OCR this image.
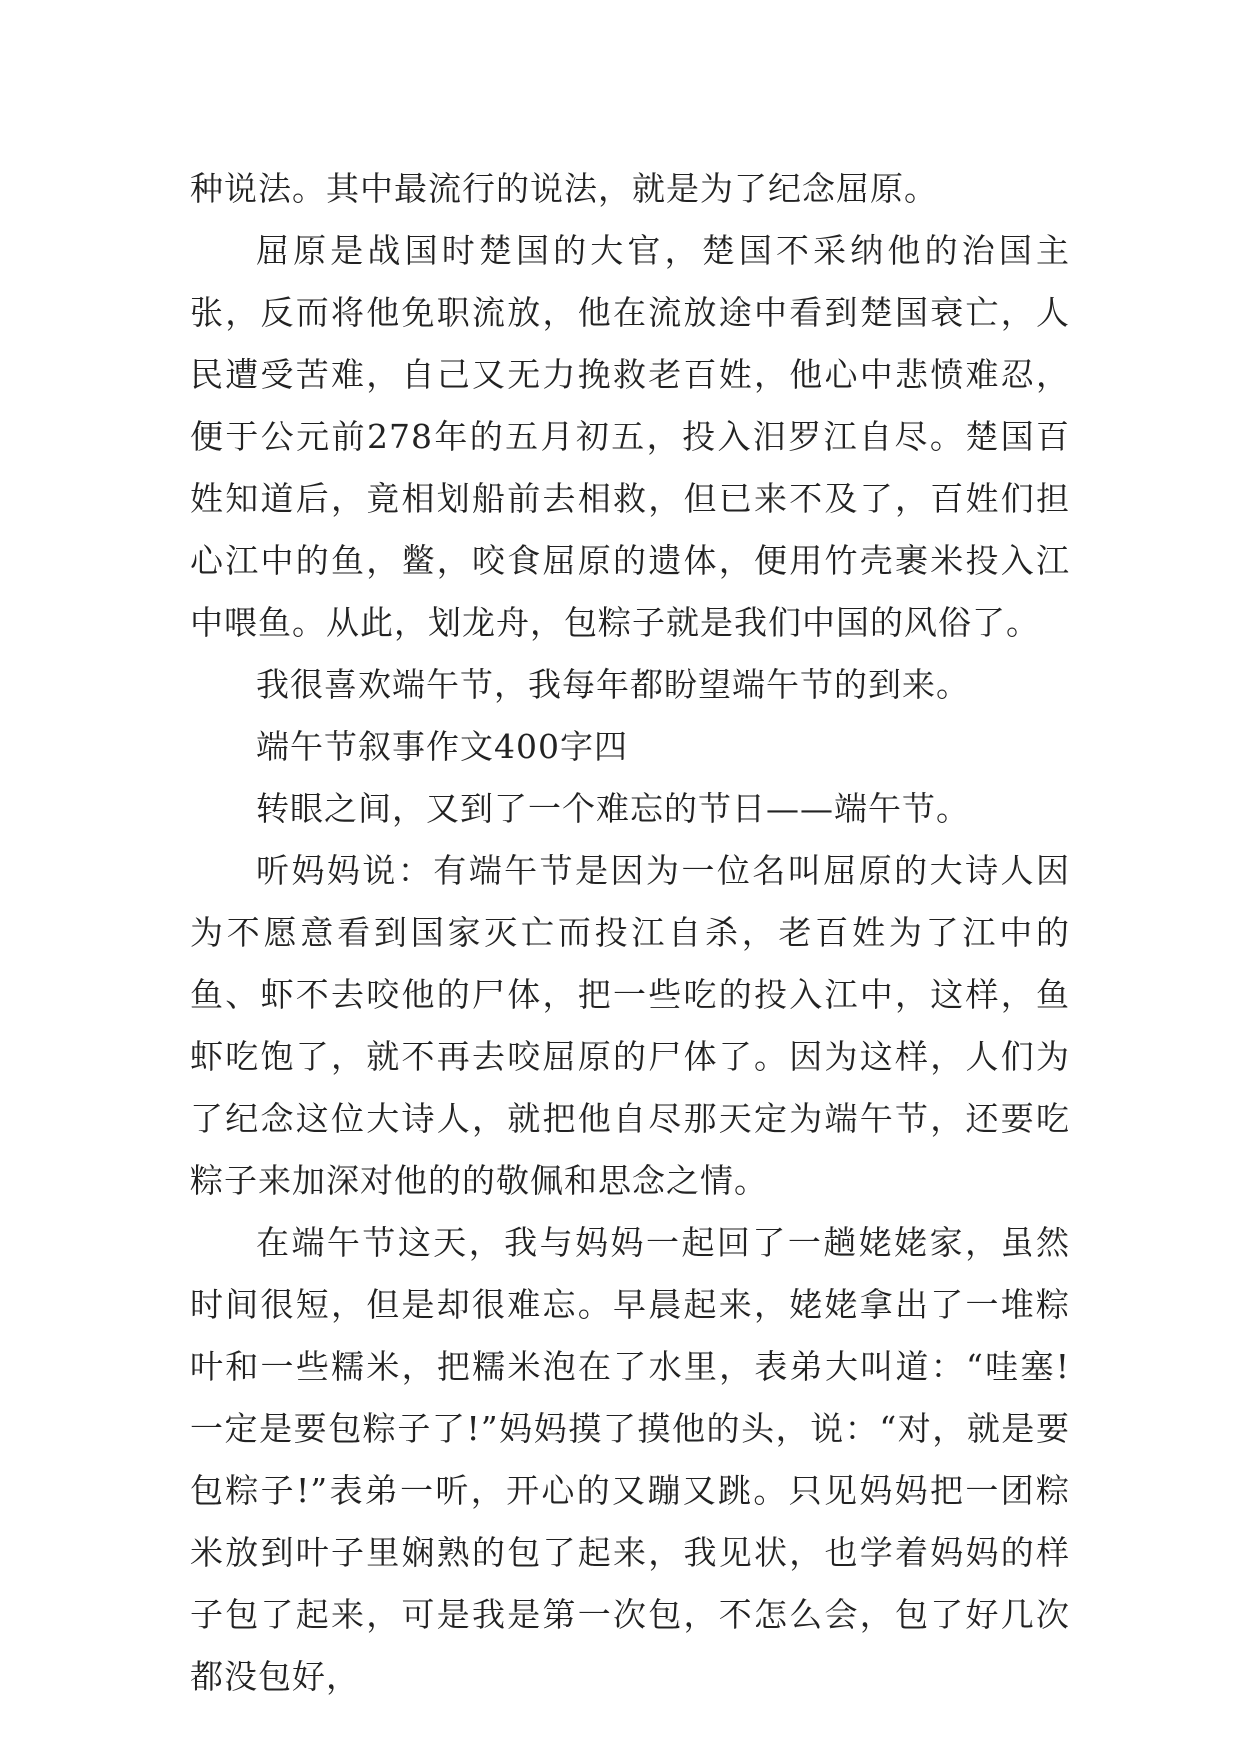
种说法。其中最流行的说法，就是为了纪念屈原。

屈原是战国时楚国的大官，楚国不采纳他的治国主张，反而将他免职流放，他在流放途中看到楚国衰亡，人民遭受苦难，自己又无力挽救老百姓，他心中悲愤难忍，便于公元前278年的五月初五，投入汨罗江自尽。楚国百姓知道后，竟相划船前去相救，但已来不及了，百姓们担心江中的鱼，鳖，咬食屈原的遗体，便用竹壳裹米投入江中喂鱼。从此，划龙舟，包粽子就是我们中国的风俗了。

我很喜欢端午节，我每年都盼望端午节的到来。

端午节叙事作文400字四

转眼之间，又到了一个难忘的节日——端午节。

听妈妈说：有端午节是因为一位名叫屈原的大诗人因为不愿意看到国家灭亡而投江自杀，老百姓为了江中的鱼、虾不去咬他的尸体，把一些吃的投入江中，这样，鱼虾吃饱了，就不再去咬屈原的尸体了。因为这样，人们为了纪念这位大诗人，就把他自尽那天定为端午节，还要吃粽子来加深对他的的敬佩和思念之情。

在端午节这天，我与妈妈一起回了一趟姥姥家，虽然时间很短，但是却很难忘。早晨起来，姥姥拿出了一堆粽叶和一些糯米，把糯米泡在了水里，表弟大叫道：“哇塞!一定是要包粽子了!”妈妈摸了摸他的头，说：“对，就是要包粽子!”表弟一听，开心的又蹦又跳。只见妈妈把一团粽米放到叶子里娴熟的包了起来，我见状，也学着妈妈的样子包了起来，可是我是第一次包，不怎么会，包了好几次都没包好，
